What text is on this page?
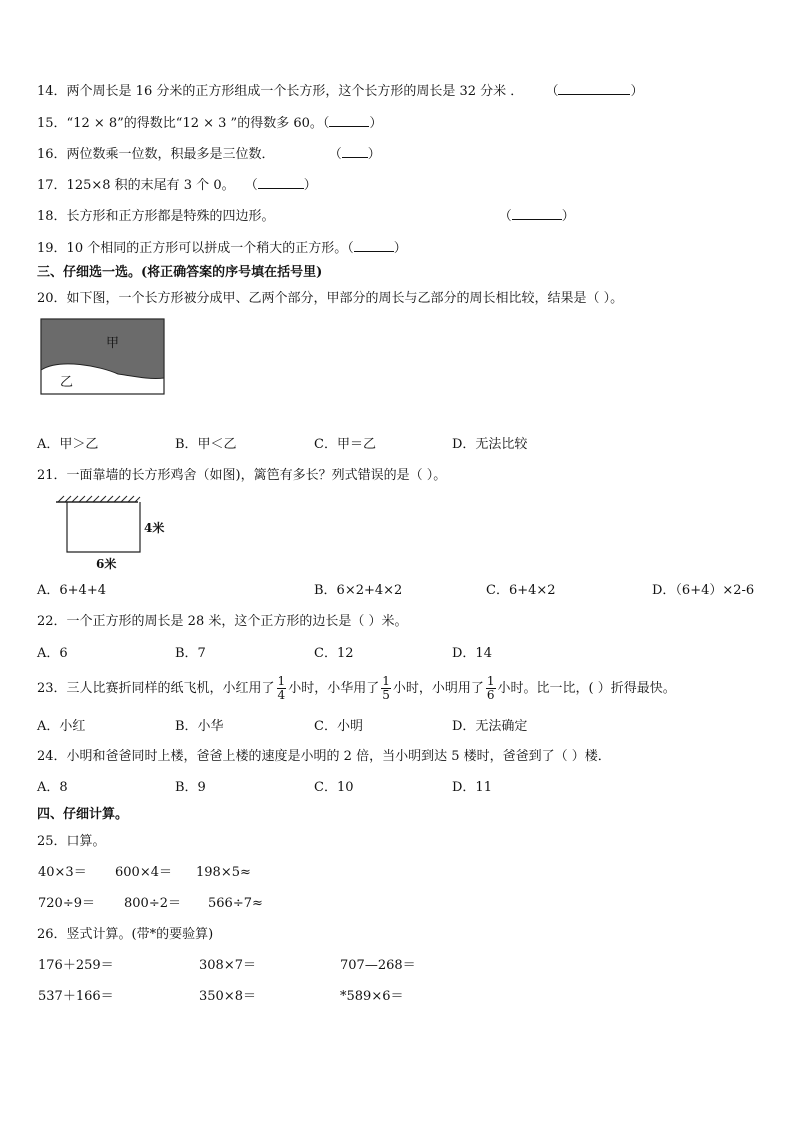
14．两个周长是 16 分米的正方形组成一个长方形，这个长方形的周长是 32 分米 ． （	）
15．“12 × 8”的得数比“12 × 3 ”的得数多 60。（	）
16．两位数乘一位数，积最多是三位数．	（ ）
17．125×8 积的末尾有 3 个 0。 （	）
18．长方形和正方形都是特殊的四边形。	（	）
19．10 个相同的正方形可以拼成一个稍大的正方形。（	）
三、仔细选一选。(将正确答案的序号填在括号里)
20．如下图，一个长方形被分成甲、乙两个部分，甲部分的周长与乙部分的周长相比较，结果是（ ）。
甲
乙
A．甲＞乙	B．甲＜乙	C．甲＝乙	D．无法比较
21．一面靠墙的长方形鸡舍（如图)，篱笆有多长？列式错误的是（ ）。
4米
6米
A．6+4+4	B．6×2+4×2	C．6+4×2	D．（6+4）×2-6
22．一个正方形的周长是 28 米，这个正方形的边长是（ ）米。
A．6	B．7	C．12	D．14
23．三人比赛折同样的纸飞机，小红用了 $\frac{1}{4}$ 小时，小华用了 $\frac{1}{5}$ 小时，小明用了 $\frac{1}{6}$ 小时。比一比，( ）折得最快。
A．小红	B．小华	C．小明	D．无法确定
24．小明和爸爸同时上楼，爸爸上楼的速度是小明的 2 倍，当小明到达 5 楼时，爸爸到了（ ）楼．
A．8	B．9	C．10	D．11
四、仔细计算。
25．口算。
40×3＝ 600×4＝ 198×5≈
720÷9＝ 800÷2＝ 566÷7≈
26．竖式计算。(带*的要验算)
176＋259＝	308×7＝	707—268＝
537＋166＝	350×8＝	*589×6＝
